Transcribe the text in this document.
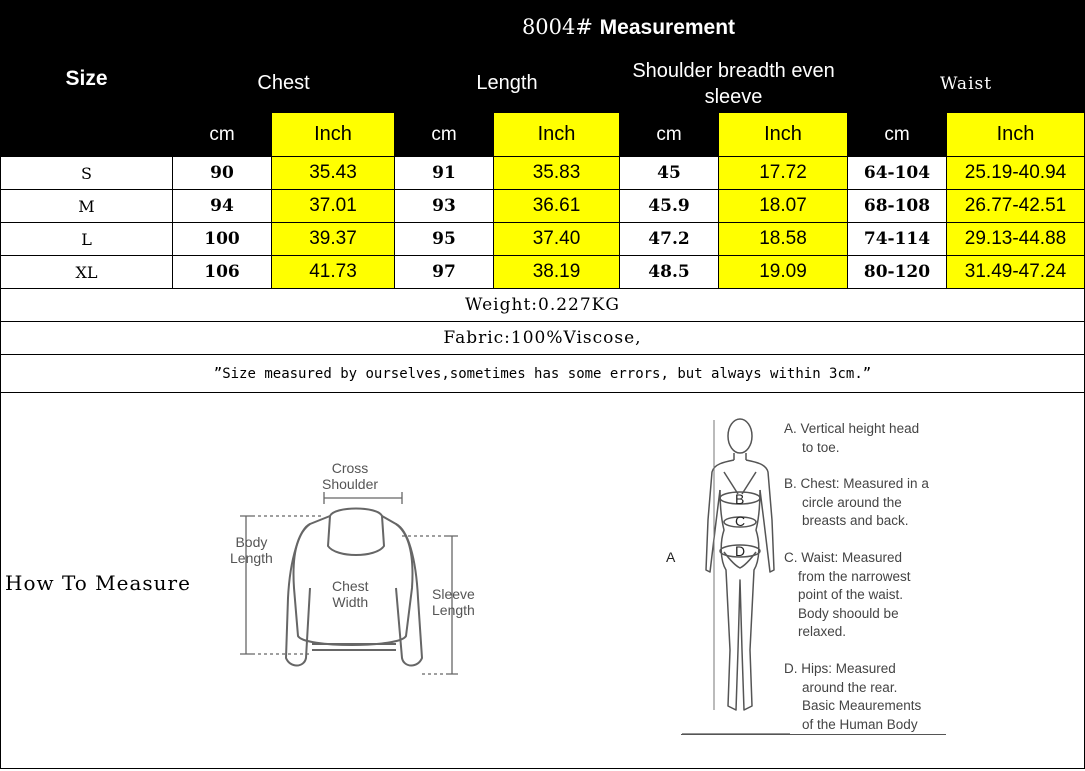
Size	8004# Measurement							
	Chest		Length		Shoulder breadth even sleeve		Waist	
	cm	Inch	cm	Inch	cm	Inch	cm	Inch
S	90	35.43	91	35.83	45	17.72	64-104	25.19-40.94
M	94	37.01	93	36.61	45.9	18.07	68-108	26.77-42.51
L	100	39.37	95	37.40	47.2	18.58	74-114	29.13-44.88
XL	106	41.73	97	38.19	48.5	19.09	80-120	31.49-47.24
Weight:0.227KG								
Fabric:100%Viscose,								
”Size measured by ourselves,sometimes has some errors, but always within 3cm.”								

How To Measure
Cross
Shoulder
Body
Length
Chest
Width	Sleeve
Length
A
B
C
D
A. Vertical height head
to toe.
B. Chest: Measured in a
circle around the
breasts and back.
C. Waist: Measured
from the narrowest
point of the waist.
Body shoould be
relaxed.
D. Hips: Measured
around the rear.
Basic Meaurements
of the Human Body
